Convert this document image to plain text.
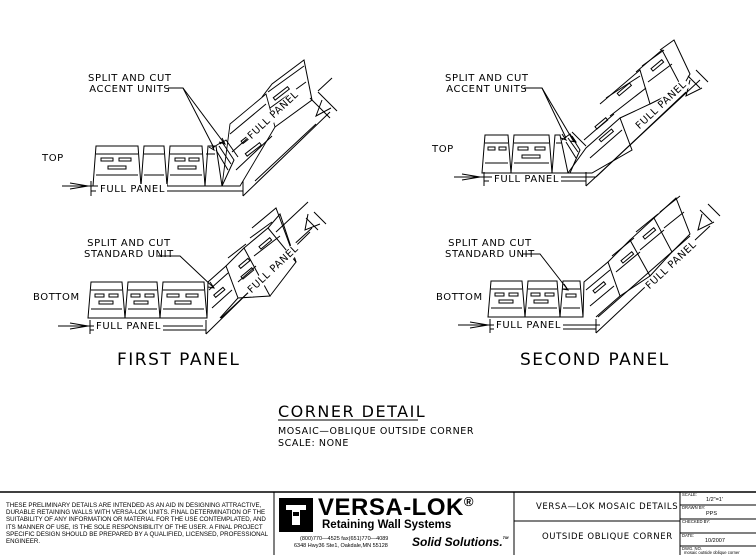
SPLIT AND CUT
ACCENT UNITS
TOP
FULL PANEL
FULL PANEL
SPLIT AND CUT
STANDARD UNIT
BOTTOM
FULL PANEL
FULL PANEL
SPLIT AND CUT
ACCENT UNITS
TOP
FULL PANEL
FULL PANEL
SPLIT AND CUT
STANDARD UNIT
BOTTOM
FULL PANEL
FULL PANEL
FIRST PANEL	SECOND PANEL
CORNER DETAIL
MOSAIC—OBLIQUE OUTSIDE CORNER
SCALE: NONE
THESE PRELIMINARY DETAILS ARE INTENDED AS AN AID IN DESIGNING ATTRACTIVE, DURABLE RETAINING WALLS WITH VERSA-LOK UNITS. FINAL DETERMINATION OF THE SUITABILITY OF ANY INFORMATION OR MATERIAL FOR THE USE CONTEMPLATED, AND ITS MANNER OF USE, IS THE SOLE RESPONSIBILITY OF THE USER. A FINAL PROJECT SPECIFIC DESIGN SHOULD BE PREPARED BY A QUALIFIED, LICENSED, PROFESSIONAL ENGINEER.
VERSA-LOK®
Retaining Wall Systems
(800)770—4525 fax(651)770—4089
6348 Hwy36 Ste1, Oakdale,MN 55128 Solid Solutions.™
VERSA—LOK MOSAIC DETAILS
OUTSIDE OBLIQUE CORNER
SCALE:
1/2"=1'
DRAWN BY:
PPS
CHECKED BY:
DATE:
10/2007
DWG. NO.
mosaic outside oblique corner
